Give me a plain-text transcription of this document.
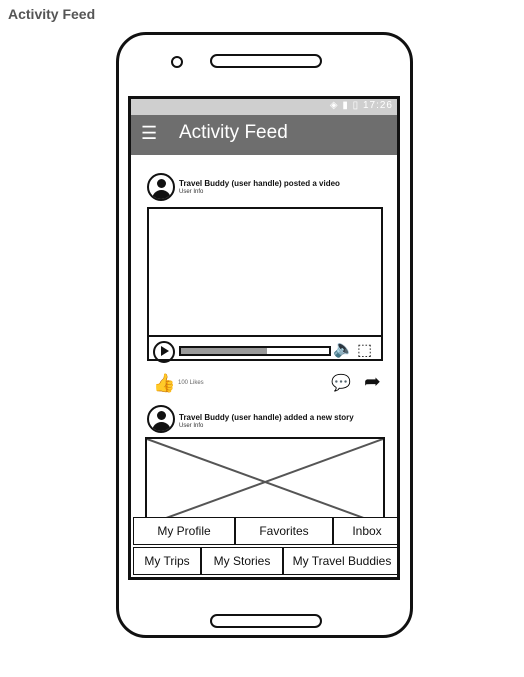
Activity Feed
◈ ▮ ▯ 17:26
☰ Activity Feed
Travel Buddy (user handle) posted a video
User Info
🔈 ⬚
👍 100 Likes	💬 ➦
Travel Buddy (user handle) added a new story
User Info
My Profile	Favorites	Inbox
My Trips	My Stories	My Travel Buddies
